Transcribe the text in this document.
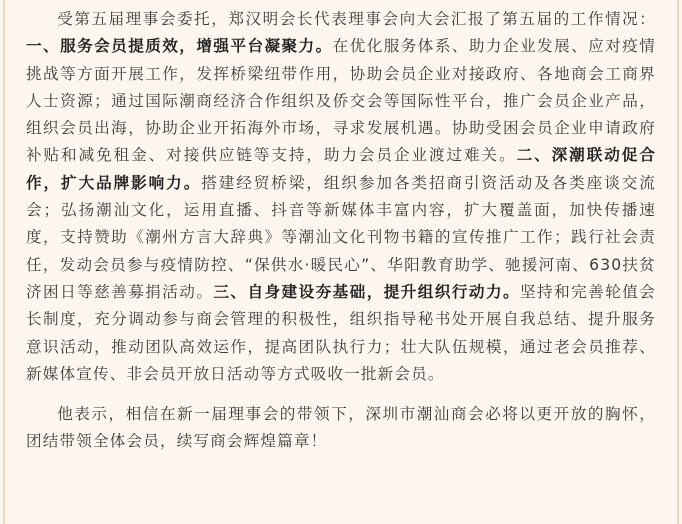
受第五届理事会委托，郑汉明会长代表理事会向大会汇报了第五届的工作情况：一、服务会员提质效，增强平台凝聚力。在优化服务体系、助力企业发展、应对疫情挑战等方面开展工作，发挥桥梁纽带作用，协助会员企业对接政府、各地商会工商界人士资源；通过国际潮商经济合作组织及侨交会等国际性平台，推广会员企业产品，组织会员出海，协助企业开拓海外市场，寻求发展机遇。协助受困会员企业申请政府补贴和减免租金、对接供应链等支持，助力会员企业渡过难关。二、深潮联动促合作，扩大品牌影响力。搭建经贸桥梁，组织参加各类招商引资活动及各类座谈交流会；弘扬潮汕文化，运用直播、抖音等新媒体丰富内容，扩大覆盖面，加快传播速度，支持赞助《潮州方言大辞典》等潮汕文化刊物书籍的宣传推广工作；践行社会责任，发动会员参与疫情防控、“保供水·暖民心”、华阳教育助学、驰援河南、630扶贫济困日等慈善募捐活动。三、自身建设夯基础，提升组织行动力。坚持和完善轮值会长制度，充分调动参与商会管理的积极性，组织指导秘书处开展自我总结、提升服务意识活动，推动团队高效运作，提高团队执行力；壮大队伍规模，通过老会员推荐、新媒体宣传、非会员开放日活动等方式吸收一批新会员。

他表示，相信在新一届理事会的带领下，深圳市潮汕商会必将以更开放的胸怀，团结带领全体会员，续写商会辉煌篇章！
